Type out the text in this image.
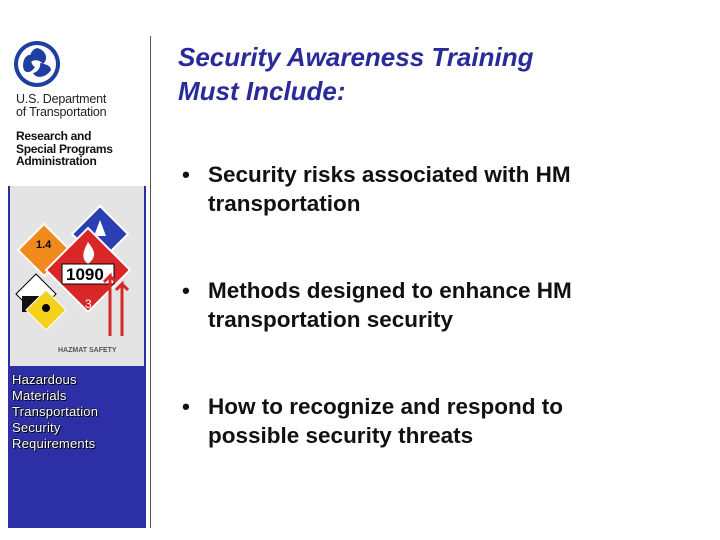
U.S. Department
of Transportation
Research and
Special Programs
Administration
1.4
1090
3
HAZMAT SAFETY
Hazardous
Materials
Transportation
Security
Requirements
Security Awareness Training
Must Include:
• Security risks associated with HM
transportation
• Methods designed to enhance HM
transportation security
• How to recognize and respond to
possible security threats
